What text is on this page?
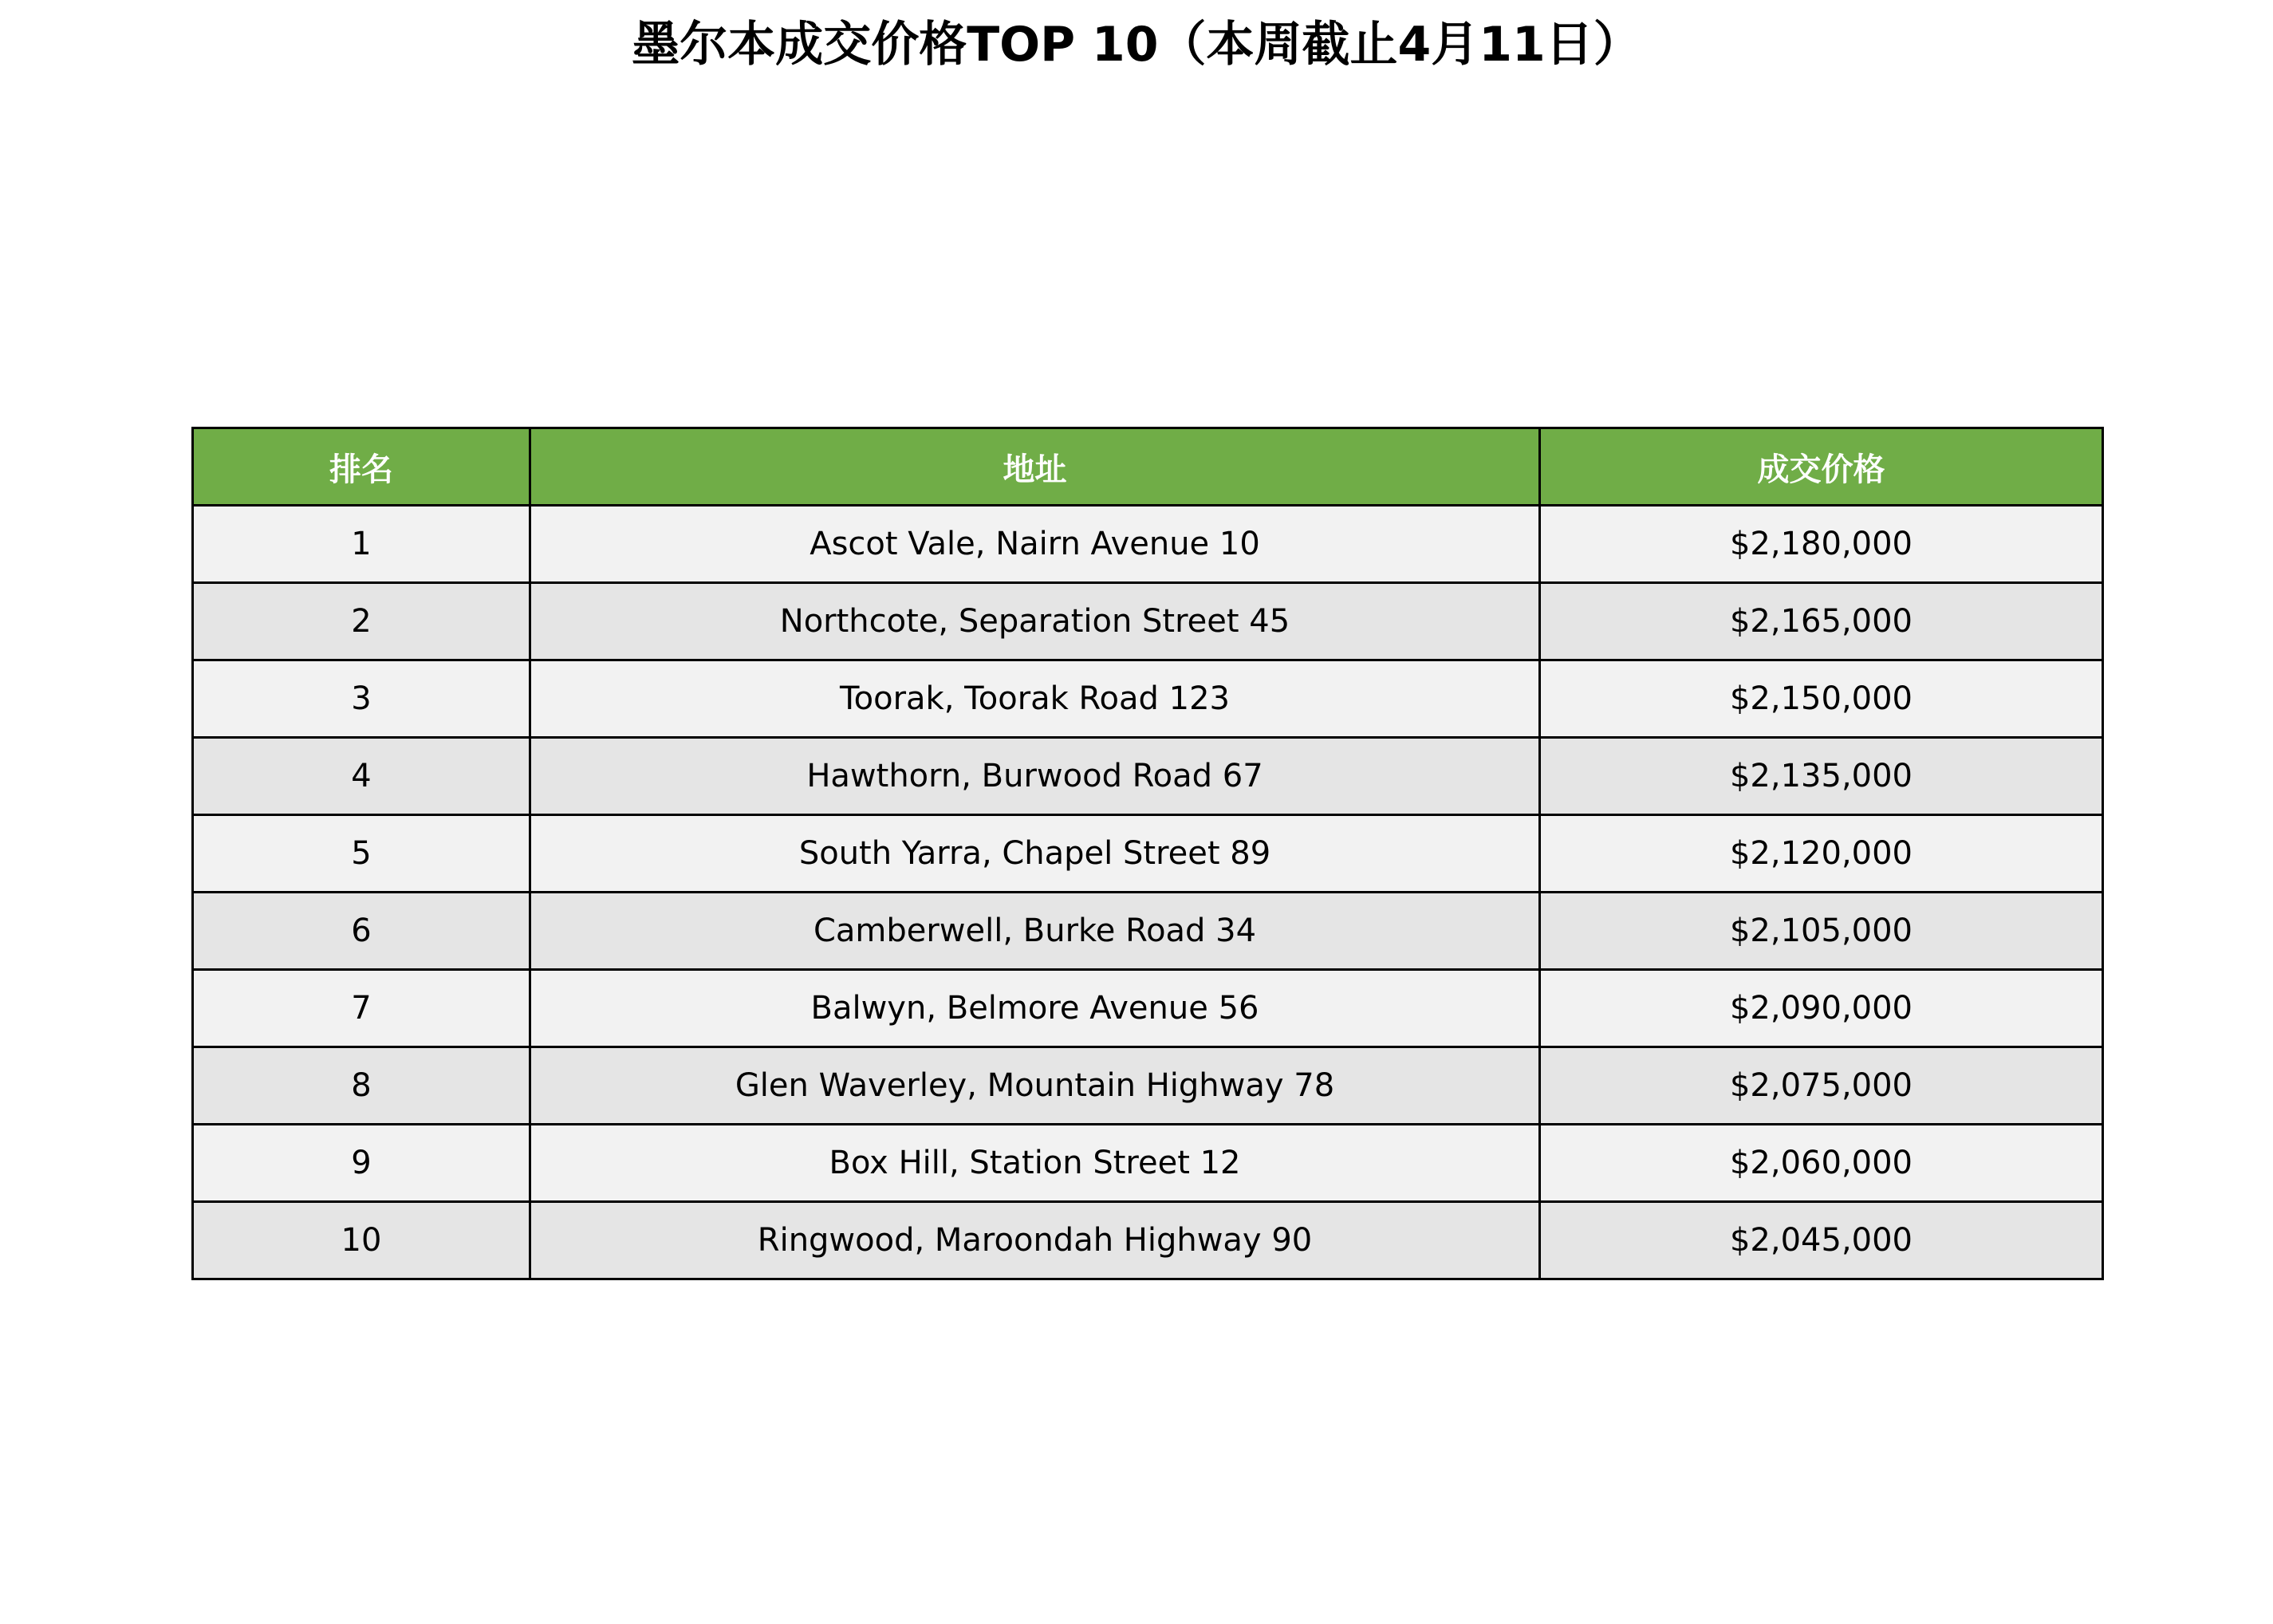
墨尔本成交价格TOP 10（本周截止4月11日）
排名	地址	成交价格
1	Ascot Vale, Nairn Avenue 10	$2,180,000
2	Northcote, Separation Street 45	$2,165,000
3	Toorak, Toorak Road 123	$2,150,000
4	Hawthorn, Burwood Road 67	$2,135,000
5	South Yarra, Chapel Street 89	$2,120,000
6	Camberwell, Burke Road 34	$2,105,000
7	Balwyn, Belmore Avenue 56	$2,090,000
8	Glen Waverley, Mountain Highway 78	$2,075,000
9	Box Hill, Station Street 12	$2,060,000
10	Ringwood, Maroondah Highway 90	$2,045,000
